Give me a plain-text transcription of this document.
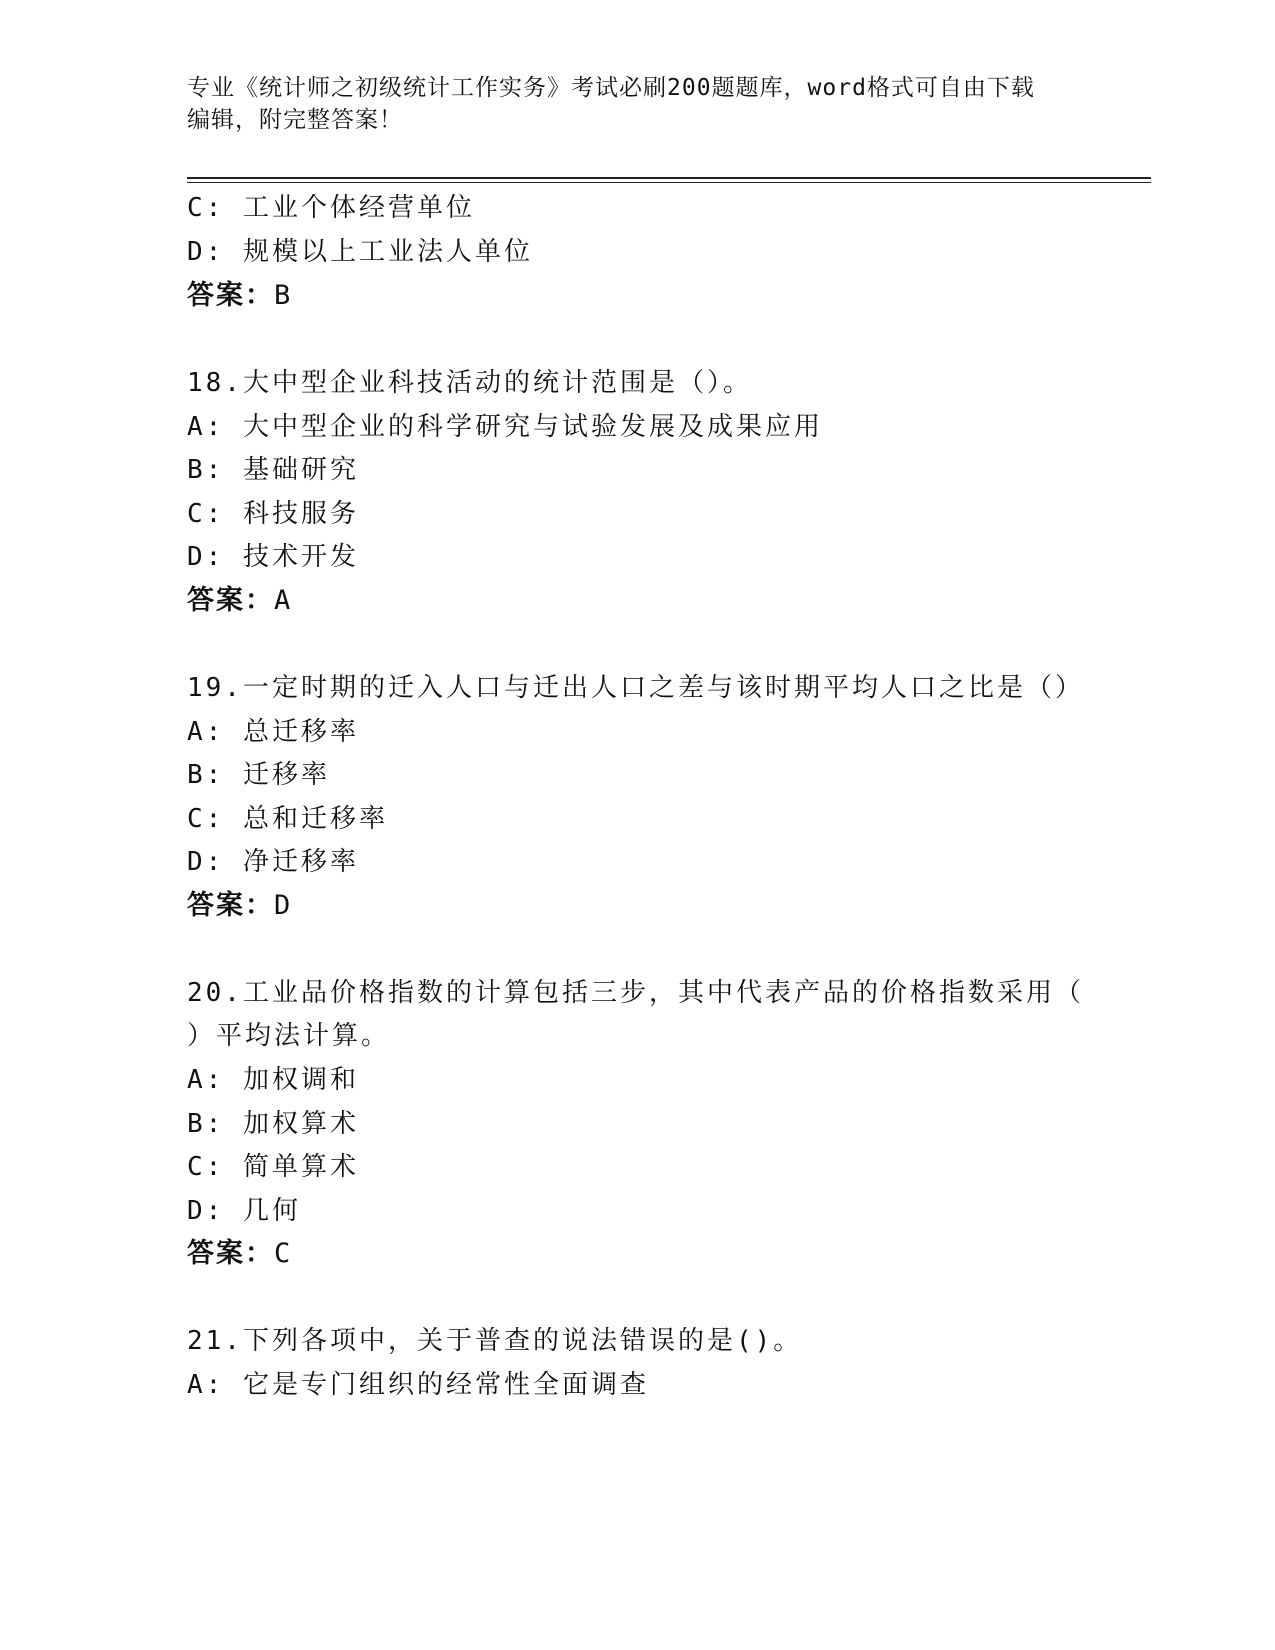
专业《统计师之初级统计工作实务》考试必刷200题题库，word格式可自由下载
编辑，附完整答案！
C: 工业个体经营单位
D: 规模以上工业法人单位
答案：B
18.大中型企业科技活动的统计范围是（）。
A: 大中型企业的科学研究与试验发展及成果应用
B: 基础研究
C: 科技服务
D: 技术开发
答案：A
19.一定时期的迁入人口与迁出人口之差与该时期平均人口之比是（）
A: 总迁移率
B: 迁移率
C: 总和迁移率
D: 净迁移率
答案：D
20.工业品价格指数的计算包括三步，其中代表产品的价格指数采用（
）平均法计算。
A: 加权调和
B: 加权算术
C: 简单算术
D: 几何
答案：C
21.下列各项中，关于普查的说法错误的是()。
A: 它是专门组织的经常性全面调查
